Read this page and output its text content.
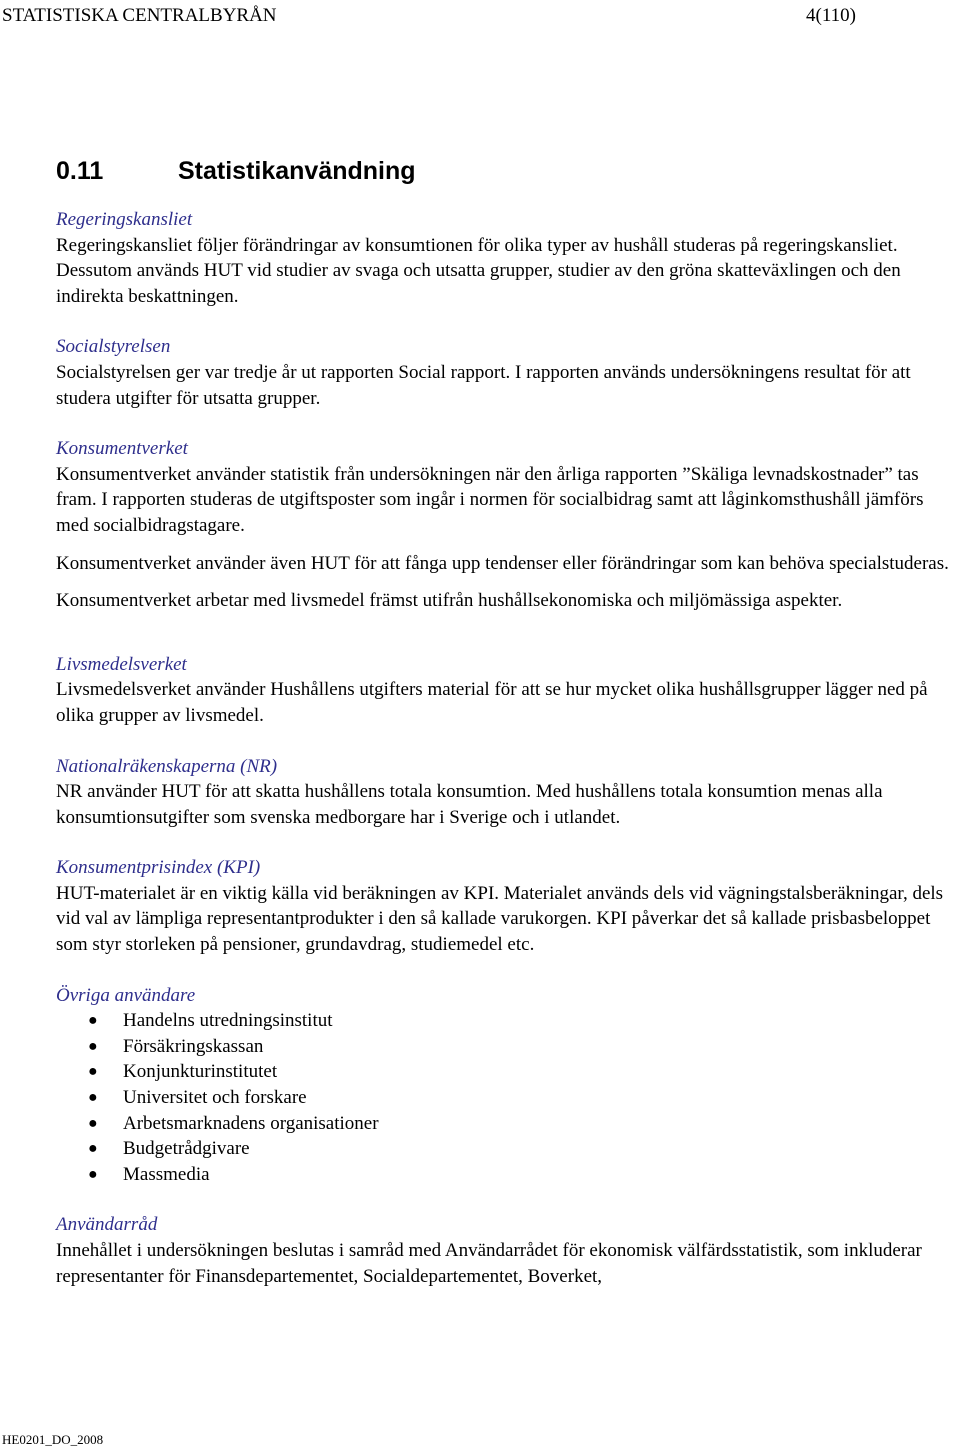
STATISTISKA CENTRALBYRÅN	4(110)
0.11	Statistikanvändning
Regeringskansliet
Regeringskansliet följer förändringar av konsumtionen för olika typer av hushåll studeras på regeringskansliet. Dessutom används HUT vid studier av svaga och utsatta grupper, studier av den gröna skatteväxlingen och den indirekta beskattningen.
Socialstyrelsen
Socialstyrelsen ger var tredje år ut rapporten Social rapport. I rapporten används undersökningens resultat för att studera utgifter för utsatta grupper.
Konsumentverket
Konsumentverket använder statistik från undersökningen när den årliga rapporten ”Skäliga levnadskostnader” tas fram. I rapporten studeras de utgiftsposter som ingår i normen för socialbidrag samt att låginkomsthushåll jämförs med socialbidragstagare.
Konsumentverket använder även HUT för att fånga upp tendenser eller förändringar som kan behöva specialstuderas.
Konsumentverket arbetar med livsmedel främst utifrån hushållsekonomiska och miljömässiga aspekter.
Livsmedelsverket
Livsmedelsverket använder Hushållens utgifters material för att se hur mycket olika hushållsgrupper lägger ned på olika grupper av livsmedel.
Nationalräkenskaperna (NR)
NR använder HUT för att skatta hushållens totala konsumtion. Med hushållens totala konsumtion menas alla konsumtionsutgifter som svenska medborgare har i Sverige och i utlandet.
Konsumentprisindex (KPI)
HUT-materialet är en viktig källa vid beräkningen av KPI. Materialet används dels vid vägningstalsberäkningar, dels vid val av lämpliga representantprodukter i den så kallade varukorgen. KPI påverkar det så kallade prisbasbeloppet som styr storleken på pensioner, grundavdrag, studiemedel etc.
Övriga användare
● Handelns utredningsinstitut
● Försäkringskassan
● Konjunkturinstitutet
● Universitet och forskare
● Arbetsmarknadens organisationer
● Budgetrådgivare
● Massmedia
Användarråd
Innehållet i undersökningen beslutas i samråd med Användarrådet för ekonomisk välfärdsstatistik, som inkluderar representanter för Finansdepartementet, Socialdepartementet, Boverket,
HE0201_DO_2008
